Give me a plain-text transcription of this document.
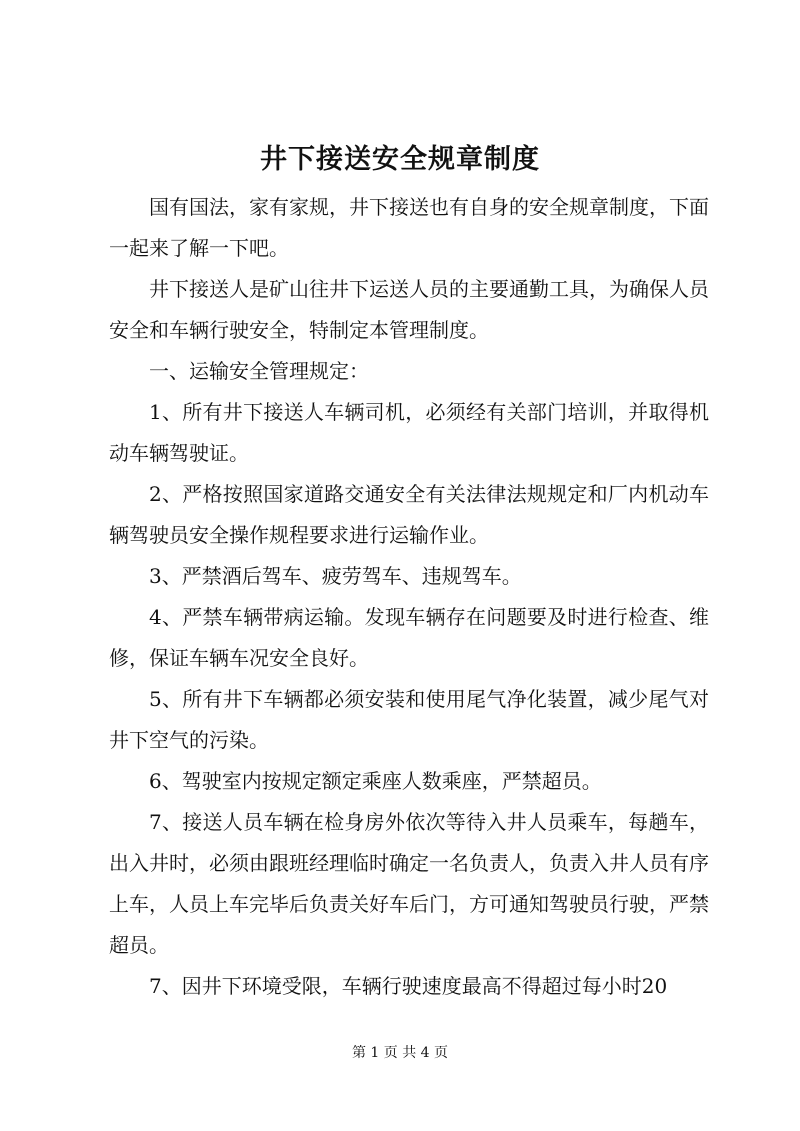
井下接送安全规章制度

国有国法，家有家规，井下接送也有自身的安全规章制度，下面一起来了解一下吧。

井下接送人是矿山往井下运送人员的主要通勤工具，为确保人员安全和车辆行驶安全，特制定本管理制度。

一、运输安全管理规定：

1、所有井下接送人车辆司机，必须经有关部门培训，并取得机动车辆驾驶证。

2、严格按照国家道路交通安全有关法律法规规定和厂内机动车辆驾驶员安全操作规程要求进行运输作业。

3、严禁酒后驾车、疲劳驾车、违规驾车。

4、严禁车辆带病运输。发现车辆存在问题要及时进行检查、维修，保证车辆车况安全良好。

5、所有井下车辆都必须安装和使用尾气净化装置，减少尾气对井下空气的污染。

6、驾驶室内按规定额定乘座人数乘座，严禁超员。

7、接送人员车辆在检身房外依次等待入井人员乘车，每趟车，出入井时，必须由跟班经理临时确定一名负责人，负责入井人员有序上车，人员上车完毕后负责关好车后门，方可通知驾驶员行驶，严禁超员。

7、因井下环境受限，车辆行驶速度最高不得超过每小时20

第 1 页 共 4 页
